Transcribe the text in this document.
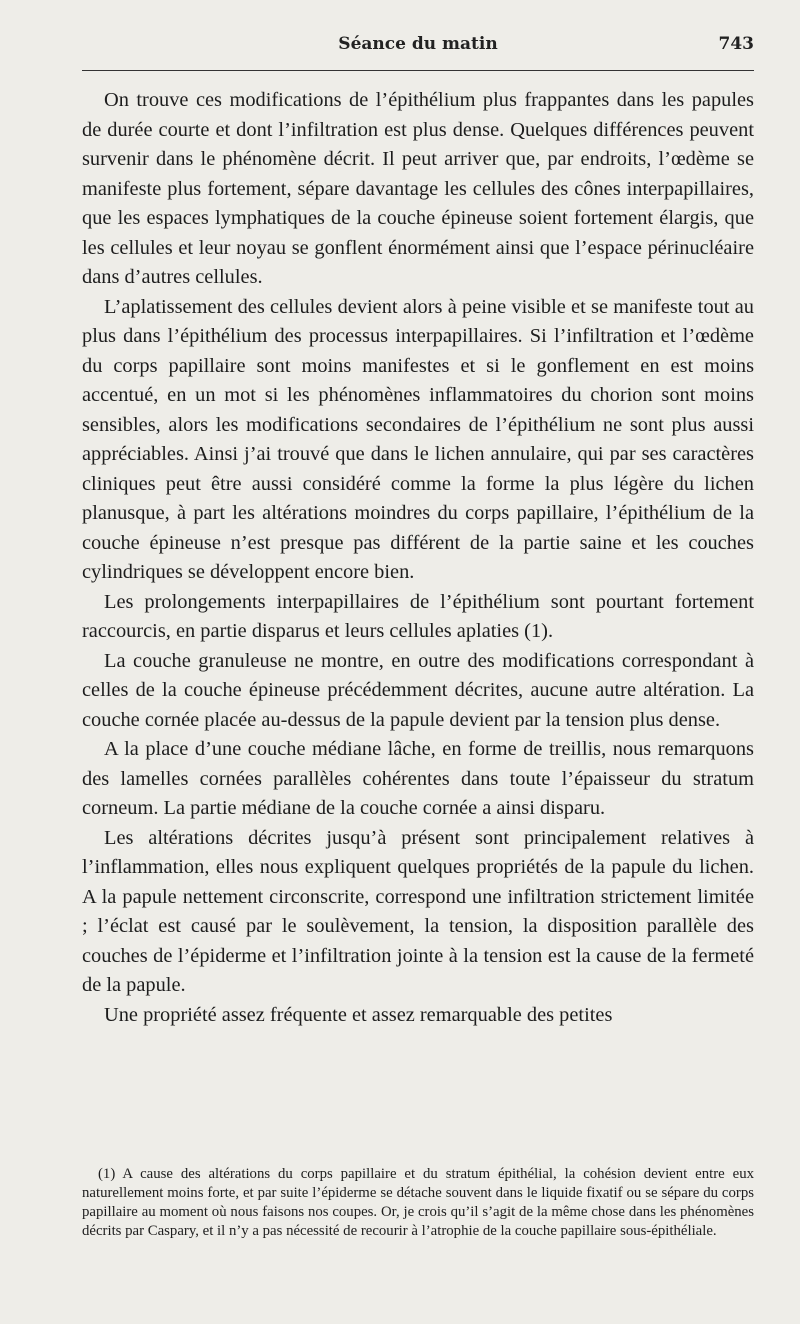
Séance du matin	743

On trouve ces modifications de l’épithélium plus frappantes dans les papules de durée courte et dont l’infiltration est plus dense. Quelques différences peuvent survenir dans le phénomène décrit. Il peut arriver que, par endroits, l’œdème se manifeste plus fortement, sépare davantage les cellules des cônes interpapillaires, que les espaces lymphatiques de la couche épineuse soient fortement élargis, que les cellules et leur noyau se gonflent énormément ainsi que l’espace périnucléaire dans d’autres cellules.

L’aplatissement des cellules devient alors à peine visible et se manifeste tout au plus dans l’épithélium des processus interpapillaires. Si l’infiltration et l’œdème du corps papillaire sont moins manifestes et si le gonflement en est moins accentué, en un mot si les phénomènes inflammatoires du chorion sont moins sensibles, alors les modifications secondaires de l’épithélium ne sont plus aussi appréciables. Ainsi j’ai trouvé que dans le lichen annulaire, qui par ses caractères cliniques peut être aussi considéré comme la forme la plus légère du lichen planusque, à part les altérations moindres du corps papillaire, l’épithélium de la couche épineuse n’est presque pas différent de la partie saine et les couches cylindriques se développent encore bien.

Les prolongements interpapillaires de l’épithélium sont pourtant fortement raccourcis, en partie disparus et leurs cellules aplaties (1).

La couche granuleuse ne montre, en outre des modifications correspondant à celles de la couche épineuse précédemment décrites, aucune autre altération. La couche cornée placée au-dessus de la papule devient par la tension plus dense.

A la place d’une couche médiane lâche, en forme de treillis, nous remarquons des lamelles cornées parallèles cohérentes dans toute l’épaisseur du stratum corneum. La partie médiane de la couche cornée a ainsi disparu.

Les altérations décrites jusqu’à présent sont principalement relatives à l’inflammation, elles nous expliquent quelques propriétés de la papule du lichen. A la papule nettement circonscrite, correspond une infiltration strictement limitée ; l’éclat est causé par le soulèvement, la tension, la disposition parallèle des couches de l’épiderme et l’infiltration jointe à la tension est la cause de la fermeté de la papule.

Une propriété assez fréquente et assez remarquable des petites

(1) A cause des altérations du corps papillaire et du stratum épithélial, la cohésion devient entre eux naturellement moins forte, et par suite l’épiderme se détache souvent dans le liquide fixatif ou se sépare du corps papillaire au moment où nous faisons nos coupes. Or, je crois qu’il s’agit de la même chose dans les phénomènes décrits par Caspary, et il n’y a pas nécessité de recourir à l’atrophie de la couche papillaire sous-épithéliale.
